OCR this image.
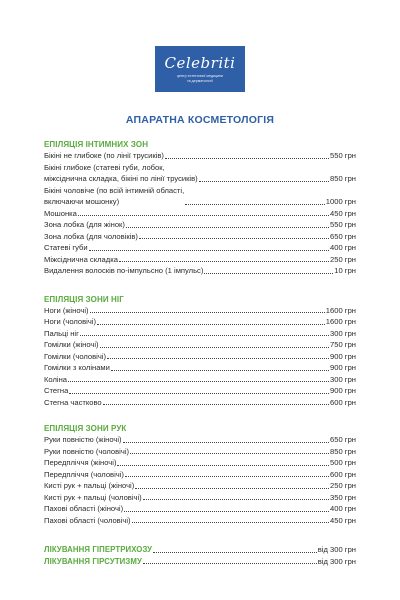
Celebriti
центр естетичної медицини
та дерматології
АПАРАТНА КОСМЕТОЛОГІЯ
ЕПІЛЯЦІЯ ІНТИМНИХ ЗОН
Бікіні не глибоке (по лінії трусиків)	550 грн
Бікіні глибоке (статеві губи, лобок,
міжсіднична складка, бікіні по лінії трусиків)	850 грн
Бікіні чоловіче (по всій інтимній області,
включаючи мошонку)	1000 грн
Мошонка	450 грн
Зона лобка (для жінок)	550 грн
Зона лобка (для чоловіків)	650 грн
Статеві губи	400 грн
Міжсіднична складка	250 грн
Видалення волосків по-імпульсно (1 імпульс)	10 грн
ЕПІЛЯЦІЯ ЗОНИ НІГ
Ноги (жіночі)	1600 грн
Ноги (чоловічі)	1600 грн
Пальці ніг	300 грн
Гомілки (жіночі)	750 грн
Гомілки (чоловічі)	900 грн
Гомілки з колінами	900 грн
Коліна	300 грн
Стегна	900 грн
Стегна частково	600 грн
ЕПІЛЯЦІЯ ЗОНИ РУК
Руки повністю (жіночі)	650 грн
Руки повністю (чоловічі)	850 грн
Передпліччя (жіночі)	500 грн
Передпліччя (чоловічі)	600 грн
Кисті рук + пальці (жіночі)	250 грн
Кисті рук + пальці (чоловічі)	350 грн
Пахові області (жіночі)	400 грн
Пахові області (чоловічі)	450 грн
ЛІКУВАННЯ ГІПЕРТРИХОЗУ	від 300 грн
ЛІКУВАННЯ ГІРСУТИЗМУ	від 300 грн
